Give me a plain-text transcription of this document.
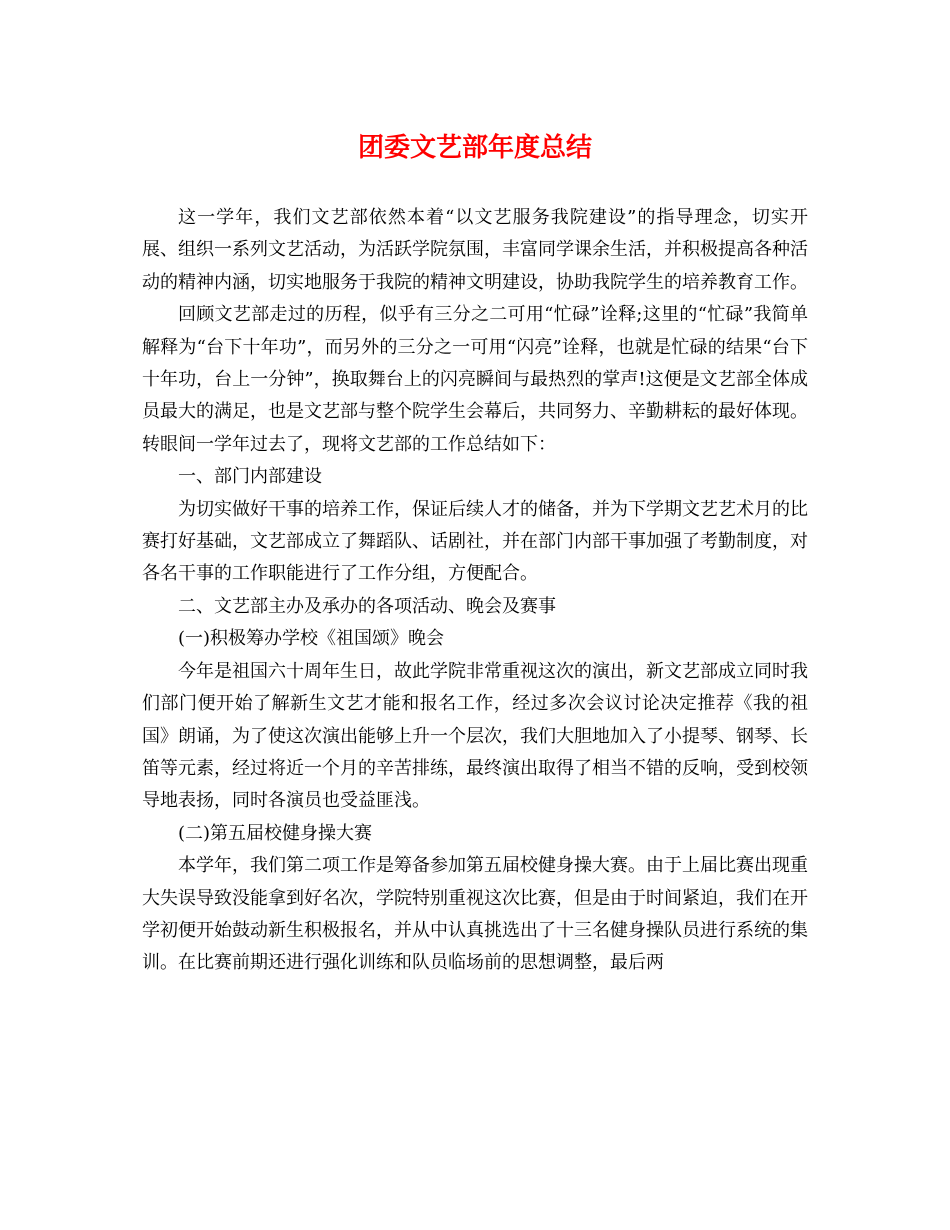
团委文艺部年度总结

这一学年，我们文艺部依然本着“以文艺服务我院建设”的指导理念，切实开展、组织一系列文艺活动，为活跃学院氛围，丰富同学课余生活，并积极提高各种活动的精神内涵，切实地服务于我院的精神文明建设，协助我院学生的培养教育工作。

回顾文艺部走过的历程，似乎有三分之二可用“忙碌”诠释;这里的“忙碌”我简单解释为“台下十年功”，而另外的三分之一可用“闪亮”诠释，也就是忙碌的结果“台下十年功，台上一分钟”，换取舞台上的闪亮瞬间与最热烈的掌声!这便是文艺部全体成员最大的满足，也是文艺部与整个院学生会幕后，共同努力、辛勤耕耘的最好体现。转眼间一学年过去了，现将文艺部的工作总结如下：

一、部门内部建设

为切实做好干事的培养工作，保证后续人才的储备，并为下学期文艺艺术月的比赛打好基础，文艺部成立了舞蹈队、话剧社，并在部门内部干事加强了考勤制度，对各名干事的工作职能进行了工作分组，方便配合。

二、文艺部主办及承办的各项活动、晚会及赛事

(一)积极筹办学校《祖国颂》晚会

今年是祖国六十周年生日，故此学院非常重视这次的演出，新文艺部成立同时我们部门便开始了解新生文艺才能和报名工作，经过多次会议讨论决定推荐《我的祖国》朗诵，为了使这次演出能够上升一个层次，我们大胆地加入了小提琴、钢琴、长笛等元素，经过将近一个月的辛苦排练，最终演出取得了相当不错的反响，受到校领导地表扬，同时各演员也受益匪浅。

(二)第五届校健身操大赛

本学年，我们第二项工作是筹备参加第五届校健身操大赛。由于上届比赛出现重大失误导致没能拿到好名次，学院特别重视这次比赛，但是由于时间紧迫，我们在开学初便开始鼓动新生积极报名，并从中认真挑选出了十三名健身操队员进行系统的集训。在比赛前期还进行强化训练和队员临场前的思想调整，最后两
